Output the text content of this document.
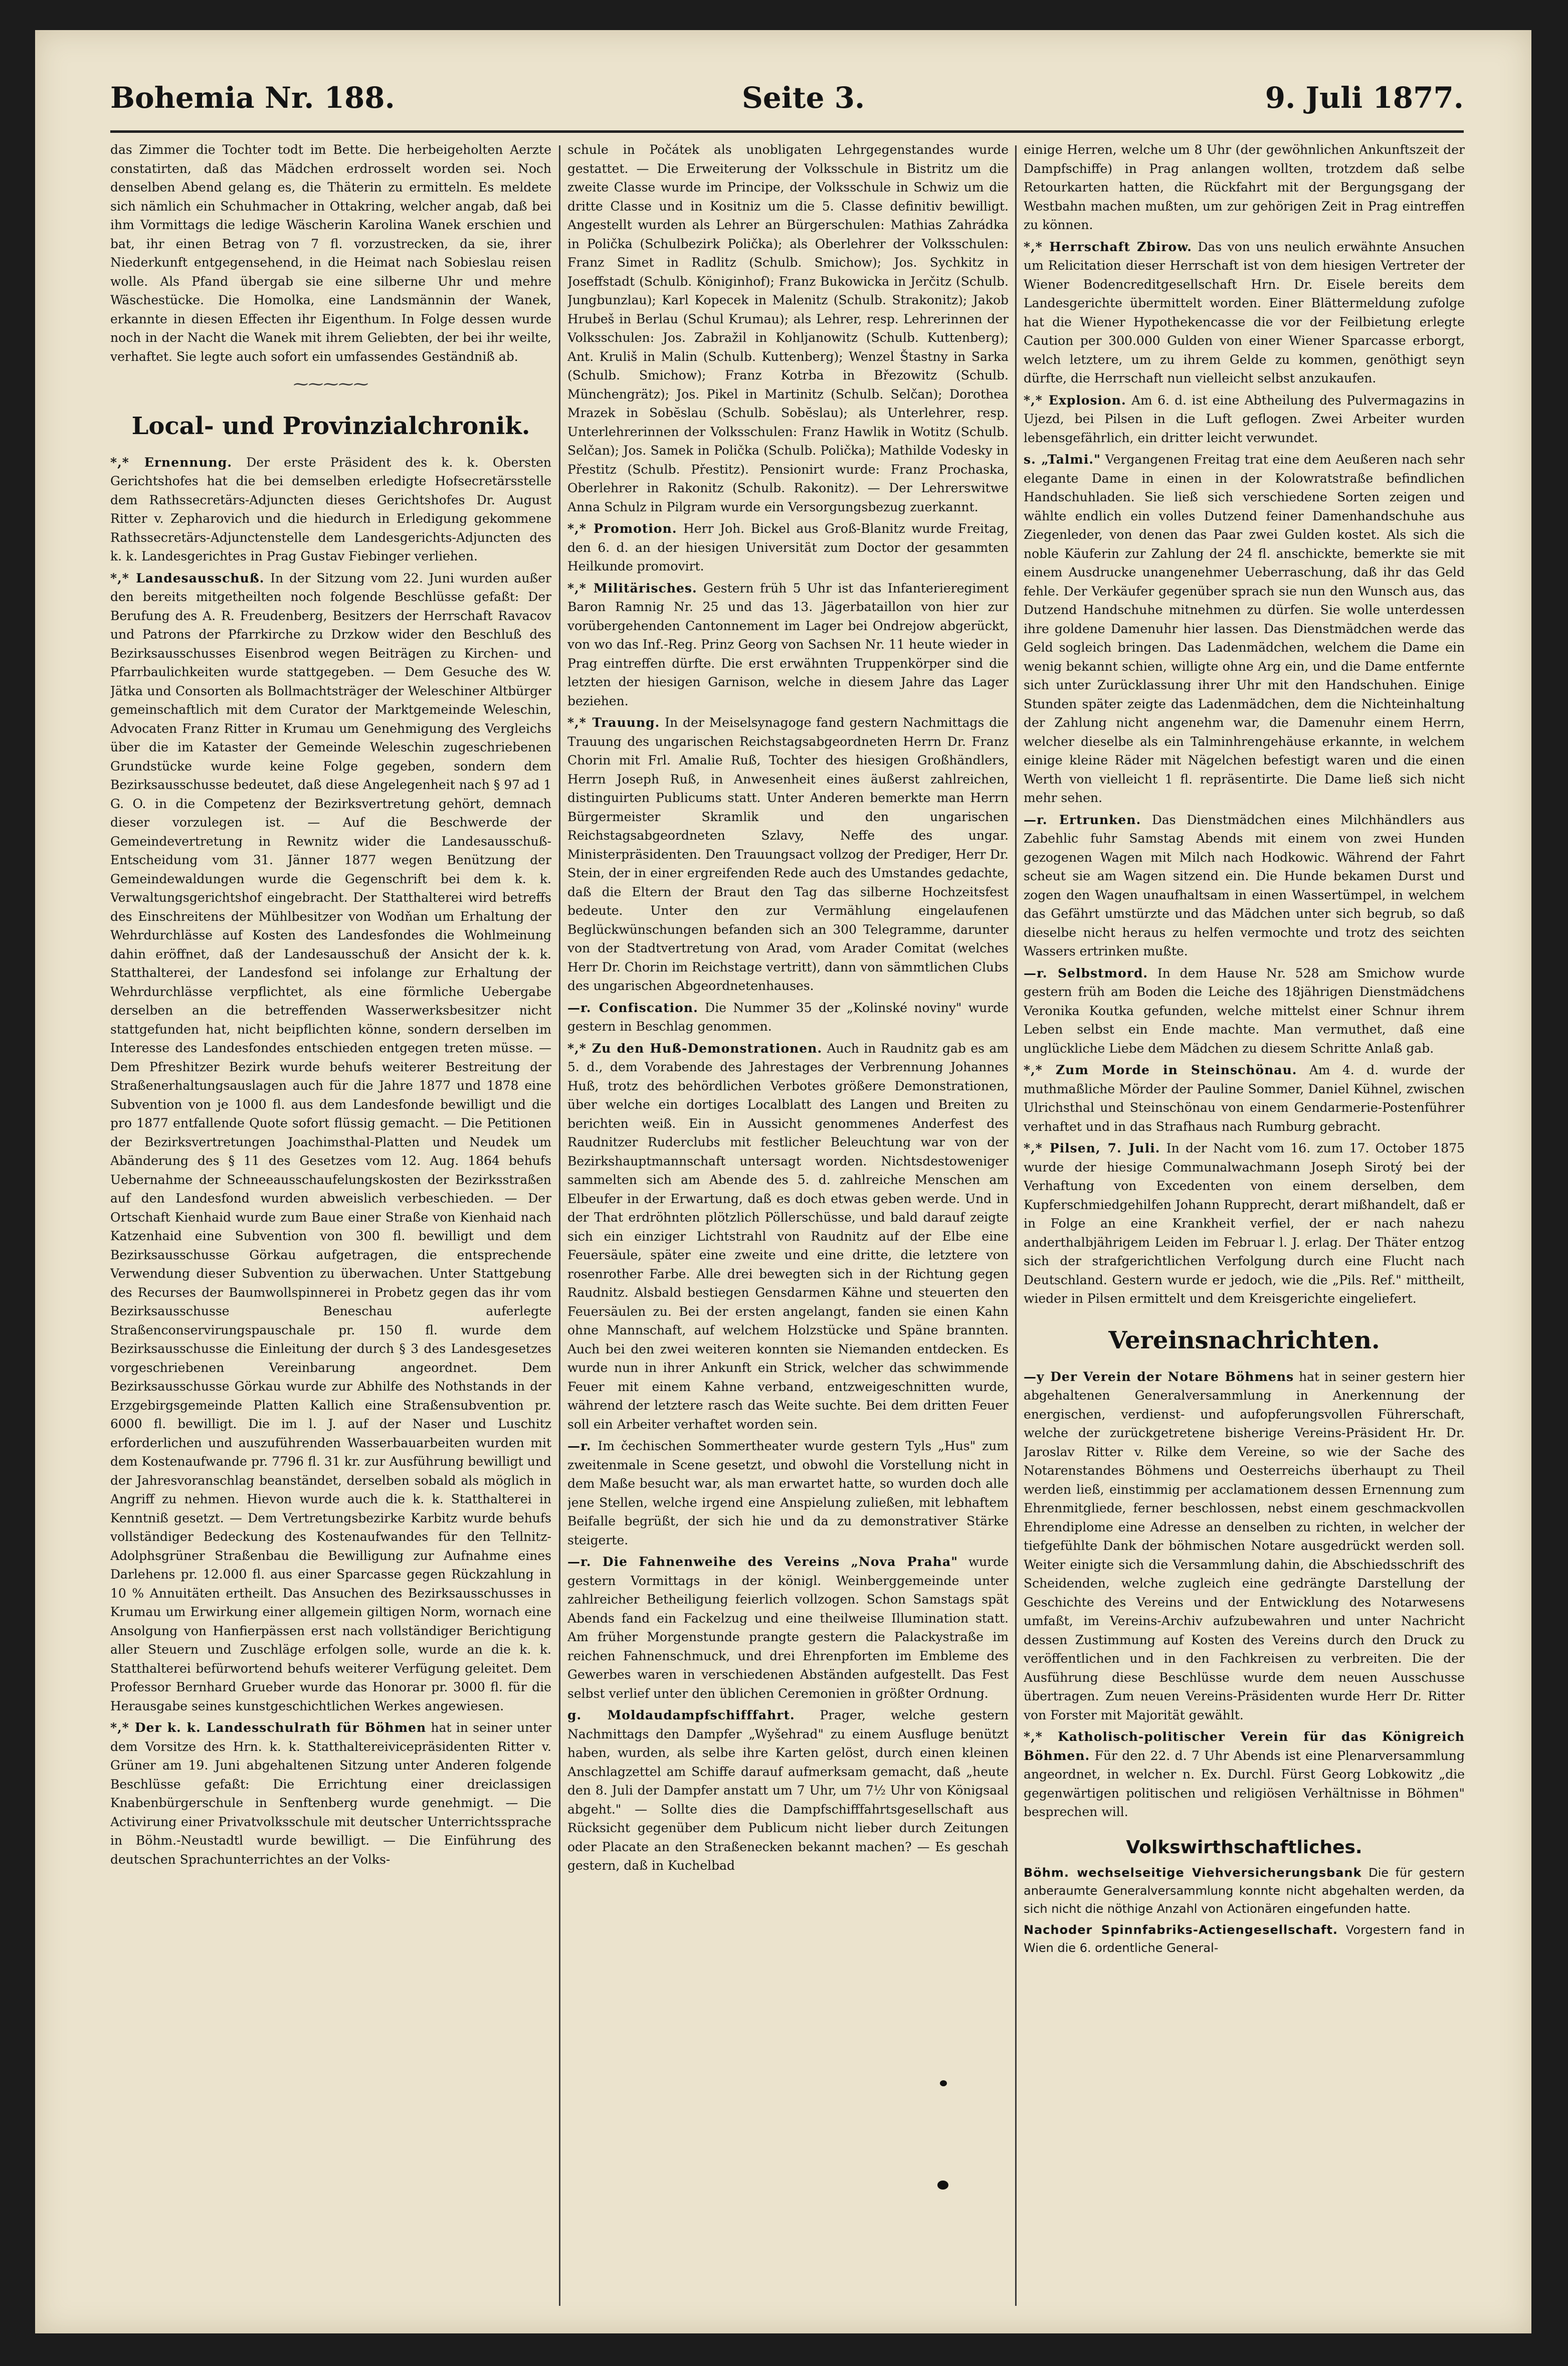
Bohemia Nr. 188.	Seite 3.	9. Juli 1877.

das Zimmer die Tochter todt im Bette. Die herbeigeholten Aerzte constatirten, daß das Mädchen erdrosselt worden sei. Noch denselben Abend gelang es, die Thäterin zu ermitteln. Es meldete sich nämlich ein Schuhmacher in Ottakring, welcher angab, daß bei ihm Vormittags die ledige Wäscherin Karolina Wanek erschien und bat, ihr einen Betrag von 7 fl. vorzustrecken, da sie, ihrer Niederkunft entgegensehend, in die Heimat nach Sobieslau reisen wolle. Als Pfand übergab sie eine silberne Uhr und mehre Wäschestücke. Die Homolka, eine Landsmännin der Wanek, erkannte in diesen Effecten ihr Eigenthum. In Folge dessen wurde noch in der Nacht die Wanek mit ihrem Geliebten, der bei ihr weilte, verhaftet. Sie legte auch sofort ein umfassendes Geständniß ab.

⁓⁓⁓⁓⁓
Local- und Provinzialchronik.

*,* Ernennung. Der erste Präsident des k. k. Obersten Gerichtshofes hat die bei demselben erledigte Hofsecretärsstelle dem Rathssecretärs-Adjuncten dieses Gerichtshofes Dr. August Ritter v. Zepharovich und die hiedurch in Erledigung gekommene Rathssecretärs-Adjunctenstelle dem Landesgerichts-Adjuncten des k. k. Landesgerichtes in Prag Gustav Fiebinger verliehen.

*,* Landesausschuß. In der Sitzung vom 22. Juni wurden außer den bereits mitgetheilten noch folgende Beschlüsse gefaßt: Der Berufung des A. R. Freudenberg, Besitzers der Herrschaft Ravacov und Patrons der Pfarrkirche zu Drzkow wider den Beschluß des Bezirksausschusses Eisenbrod wegen Beiträgen zu Kirchen- und Pfarrbaulichkeiten wurde stattgegeben. — Dem Gesuche des W. Jätka und Consorten als Bollmachtsträger der Weleschiner Altbürger gemeinschaftlich mit dem Curator der Marktgemeinde Weleschin, Advocaten Franz Ritter in Krumau um Genehmigung des Vergleichs über die im Kataster der Gemeinde Weleschin zugeschriebenen Grundstücke wurde keine Folge gegeben, sondern dem Bezirksausschusse bedeutet, daß diese Angelegenheit nach § 97 ad 1 G. O. in die Competenz der Bezirksvertretung gehört, demnach dieser vorzulegen ist. — Auf die Beschwerde der Gemeindevertretung in Rewnitz wider die Landesausschuß-Entscheidung vom 31. Jänner 1877 wegen Benützung der Gemeindewaldungen wurde die Gegenschrift bei dem k. k. Verwaltungsgerichtshof eingebracht. Der Statthalterei wird betreffs des Einschreitens der Mühlbesitzer von Wodňan um Erhaltung der Wehrdurchlässe auf Kosten des Landesfondes die Wohlmeinung dahin eröffnet, daß der Landesausschuß der Ansicht der k. k. Statthalterei, der Landesfond sei infolange zur Erhaltung der Wehrdurchlässe verpflichtet, als eine förmliche Uebergabe derselben an die betreffenden Wasserwerksbesitzer nicht stattgefunden hat, nicht beipflichten könne, sondern derselben im Interesse des Landesfondes entschieden entgegen treten müsse. — Dem Pfreshitzer Bezirk wurde behufs weiterer Bestreitung der Straßenerhaltungsauslagen auch für die Jahre 1877 und 1878 eine Subvention von je 1000 fl. aus dem Landesfonde bewilligt und die pro 1877 entfallende Quote sofort flüssig gemacht. — Die Petitionen der Bezirksvertretungen Joachimsthal-Platten und Neudek um Abänderung des § 11 des Gesetzes vom 12. Aug. 1864 behufs Uebernahme der Schneeausschaufelungskosten der Bezirksstraßen auf den Landesfond wurden abweislich verbeschieden. — Der Ortschaft Kienhaid wurde zum Baue einer Straße von Kienhaid nach Katzenhaid eine Subvention von 300 fl. bewilligt und dem Bezirksausschusse Görkau aufgetragen, die entsprechende Verwendung dieser Subvention zu überwachen. Unter Stattgebung des Recurses der Baumwollspinnerei in Probetz gegen das ihr vom Bezirksausschusse Beneschau auferlegte Straßenconservirungspauschale pr. 150 fl. wurde dem Bezirksausschusse die Einleitung der durch § 3 des Landesgesetzes vorgeschriebenen Vereinbarung angeordnet. Dem Bezirksausschusse Görkau wurde zur Abhilfe des Nothstands in der Erzgebirgsgemeinde Platten Kallich eine Straßensubvention pr. 6000 fl. bewilligt. Die im l. J. auf der Naser und Luschitz erforderlichen und auszuführenden Wasserbauarbeiten wurden mit dem Kostenaufwande pr. 7796 fl. 31 kr. zur Ausführung bewilligt und der Jahresvoranschlag beanständet, derselben sobald als möglich in Angriff zu nehmen. Hievon wurde auch die k. k. Statthalterei in Kenntniß gesetzt. — Dem Vertretungsbezirke Karbitz wurde behufs vollständiger Bedeckung des Kostenaufwandes für den Tellnitz-Adolphsgrüner Straßenbau die Bewilligung zur Aufnahme eines Darlehens pr. 12.000 fl. aus einer Sparcasse gegen Rückzahlung in 10 % Annuitäten ertheilt. Das Ansuchen des Bezirksausschusses in Krumau um Erwirkung einer allgemein giltigen Norm, wornach eine Ansolgung von Hanfierpässen erst nach vollständiger Berichtigung aller Steuern und Zuschläge erfolgen solle, wurde an die k. k. Statthalterei befürwortend behufs weiterer Verfügung geleitet. Dem Professor Bernhard Grueber wurde das Honorar pr. 3000 fl. für die Herausgabe seines kunstgeschichtlichen Werkes angewiesen.

*,* Der k. k. Landesschulrath für Böhmen hat in seiner unter dem Vorsitze des Hrn. k. k. Statthaltereivicepräsidenten Ritter v. Grüner am 19. Juni abgehaltenen Sitzung unter Anderen folgende Beschlüsse gefaßt: Die Errichtung einer dreiclassigen Knabenbürgerschule in Senftenberg wurde genehmigt. — Die Activirung einer Privatvolksschule mit deutscher Unterrichtssprache in Böhm.-Neustadtl wurde bewilligt. — Die Einführung des deutschen Sprachunterrichtes an der Volks-

schule in Počátek als unobligaten Lehrgegenstandes wurde gestattet. — Die Erweiterung der Volksschule in Bistritz um die zweite Classe wurde im Principe, der Volksschule in Schwiz um die dritte Classe und in Kositniz um die 5. Classe definitiv bewilligt. Angestellt wurden als Lehrer an Bürgerschulen: Mathias Zahrádka in Polička (Schulbezirk Polička); als Oberlehrer der Volksschulen: Franz Simet in Radlitz (Schulb. Smichow); Jos. Sychkitz in Joseffstadt (Schulb. Königinhof); Franz Bukowicka in Jerčitz (Schulb. Jungbunzlau); Karl Kopecek in Malenitz (Schulb. Strakonitz); Jakob Hrubeš in Berlau (Schul Krumau); als Lehrer, resp. Lehrerinnen der Volksschulen: Jos. Zabražil in Kohljanowitz (Schulb. Kuttenberg); Ant. Kruliš in Malin (Schulb. Kuttenberg); Wenzel Štastny in Sarka (Schulb. Smichow); Franz Kotrba in Březowitz (Schulb. Münchengrätz); Jos. Pikel in Martinitz (Schulb. Selčan); Dorothea Mrazek in Sobĕslau (Schulb. Sobĕslau); als Unterlehrer, resp. Unterlehrerinnen der Volksschulen: Franz Hawlik in Wotitz (Schulb. Selčan); Jos. Samek in Polička (Schulb. Polička); Mathilde Vodesky in Přestitz (Schulb. Přestitz). Pensionirt wurde: Franz Prochaska, Oberlehrer in Rakonitz (Schulb. Rakonitz). — Der Lehrerswitwe Anna Schulz in Pilgram wurde ein Versorgungsbezug zuerkannt.

*,* Promotion. Herr Joh. Bickel aus Groß-Blanitz wurde Freitag, den 6. d. an der hiesigen Universität zum Doctor der gesammten Heilkunde promovirt.

*,* Militärisches. Gestern früh 5 Uhr ist das Infanterieregiment Baron Ramnig Nr. 25 und das 13. Jägerbataillon von hier zur vorübergehenden Cantonnement im Lager bei Ondrejow abgerückt, von wo das Inf.-Reg. Prinz Georg von Sachsen Nr. 11 heute wieder in Prag eintreffen dürfte. Die erst erwähnten Truppenkörper sind die letzten der hiesigen Garnison, welche in diesem Jahre das Lager beziehen.

*,* Trauung. In der Meiselsynagoge fand gestern Nachmittags die Trauung des ungarischen Reichstagsabgeordneten Herrn Dr. Franz Chorin mit Frl. Amalie Ruß, Tochter des hiesigen Großhändlers, Herrn Joseph Ruß, in Anwesenheit eines äußerst zahlreichen, distinguirten Publicums statt. Unter Anderen bemerkte man Herrn Bürgermeister Skramlik und den ungarischen Reichstagsabgeordneten Szlavy, Neffe des ungar. Ministerpräsidenten. Den Trauungsact vollzog der Prediger, Herr Dr. Stein, der in einer ergreifenden Rede auch des Umstandes gedachte, daß die Eltern der Braut den Tag das silberne Hochzeitsfest bedeute. Unter den zur Vermählung eingelaufenen Beglückwünschungen befanden sich an 300 Telegramme, darunter von der Stadtvertretung von Arad, vom Arader Comitat (welches Herr Dr. Chorin im Reichstage vertritt), dann von sämmtlichen Clubs des ungarischen Abgeordnetenhauses.

—r. Confiscation. Die Nummer 35 der „Kolinské noviny" wurde gestern in Beschlag genommen.

*,* Zu den Huß-Demonstrationen. Auch in Raudnitz gab es am 5. d., dem Vorabende des Jahrestages der Verbrennung Johannes Huß, trotz des behördlichen Verbotes größere Demonstrationen, über welche ein dortiges Localblatt des Langen und Breiten zu berichten weiß. Ein in Aussicht genommenes Anderfest des Raudnitzer Ruderclubs mit festlicher Beleuchtung war von der Bezirkshauptmannschaft untersagt worden. Nichtsdestoweniger sammelten sich am Abende des 5. d. zahlreiche Menschen am Elbeufer in der Erwartung, daß es doch etwas geben werde. Und in der That erdröhnten plötzlich Pöllerschüsse, und bald darauf zeigte sich ein einziger Lichtstrahl von Raudnitz auf der Elbe eine Feuersäule, später eine zweite und eine dritte, die letztere von rosenrother Farbe. Alle drei bewegten sich in der Richtung gegen Raudnitz. Alsbald bestiegen Gensdarmen Kähne und steuerten den Feuersäulen zu. Bei der ersten angelangt, fanden sie einen Kahn ohne Mannschaft, auf welchem Holzstücke und Späne brannten. Auch bei den zwei weiteren konnten sie Niemanden entdecken. Es wurde nun in ihrer Ankunft ein Strick, welcher das schwimmende Feuer mit einem Kahne verband, entzweigeschnitten wurde, während der letztere rasch das Weite suchte. Bei dem dritten Feuer soll ein Arbeiter verhaftet worden sein.

—r. Im čechischen Sommertheater wurde gestern Tyls „Hus" zum zweitenmale in Scene gesetzt, und obwohl die Vorstellung nicht in dem Maße besucht war, als man erwartet hatte, so wurden doch alle jene Stellen, welche irgend eine Anspielung zuließen, mit lebhaftem Beifalle begrüßt, der sich hie und da zu demonstrativer Stärke steigerte.

—r. Die Fahnenweihe des Vereins „Nova Praha" wurde gestern Vormittags in der königl. Weinberggemeinde unter zahlreicher Betheiligung feierlich vollzogen. Schon Samstags spät Abends fand ein Fackelzug und eine theilweise Illumination statt. Am früher Morgenstunde prangte gestern die Palackystraße im reichen Fahnenschmuck, und drei Ehrenpforten im Embleme des Gewerbes waren in verschiedenen Abständen aufgestellt. Das Fest selbst verlief unter den üblichen Ceremonien in größter Ordnung.

g. Moldaudampfschifffahrt. Prager, welche gestern Nachmittags den Dampfer „Wyšehrad" zu einem Ausfluge benützt haben, wurden, als selbe ihre Karten gelöst, durch einen kleinen Anschlagzettel am Schiffe darauf aufmerksam gemacht, daß „heute den 8. Juli der Dampfer anstatt um 7 Uhr, um 7½ Uhr von Königsaal abgeht." — Sollte dies die Dampfschifffahrtsgesellschaft aus Rücksicht gegenüber dem Publicum nicht lieber durch Zeitungen oder Placate an den Straßenecken bekannt machen? — Es geschah gestern, daß in Kuchelbad

einige Herren, welche um 8 Uhr (der gewöhnlichen Ankunftszeit der Dampfschiffe) in Prag anlangen wollten, trotzdem daß selbe Retourkarten hatten, die Rückfahrt mit der Bergungsgang der Westbahn machen mußten, um zur gehörigen Zeit in Prag eintreffen zu können.

*,* Herrschaft Zbirow. Das von uns neulich erwähnte Ansuchen um Relicitation dieser Herrschaft ist von dem hiesigen Vertreter der Wiener Bodencreditgesellschaft Hrn. Dr. Eisele bereits dem Landesgerichte übermittelt worden. Einer Blättermeldung zufolge hat die Wiener Hypothekencasse die vor der Feilbietung erlegte Caution per 300.000 Gulden von einer Wiener Sparcasse erborgt, welch letztere, um zu ihrem Gelde zu kommen, genöthigt seyn dürfte, die Herrschaft nun vielleicht selbst anzukaufen.

*,* Explosion. Am 6. d. ist eine Abtheilung des Pulvermagazins in Ujezd, bei Pilsen in die Luft geflogen. Zwei Arbeiter wurden lebensgefährlich, ein dritter leicht verwundet.

s. „Talmi." Vergangenen Freitag trat eine dem Aeußeren nach sehr elegante Dame in einen in der Kolowratstraße befindlichen Handschuhladen. Sie ließ sich verschiedene Sorten zeigen und wählte endlich ein volles Dutzend feiner Damenhandschuhe aus Ziegenleder, von denen das Paar zwei Gulden kostet. Als sich die noble Käuferin zur Zahlung der 24 fl. anschickte, bemerkte sie mit einem Ausdrucke unangenehmer Ueberraschung, daß ihr das Geld fehle. Der Verkäufer gegenüber sprach sie nun den Wunsch aus, das Dutzend Handschuhe mitnehmen zu dürfen. Sie wolle unterdessen ihre goldene Damenuhr hier lassen. Das Dienstmädchen werde das Geld sogleich bringen. Das Ladenmädchen, welchem die Dame ein wenig bekannt schien, willigte ohne Arg ein, und die Dame entfernte sich unter Zurücklassung ihrer Uhr mit den Handschuhen. Einige Stunden später zeigte das Ladenmädchen, dem die Nichteinhaltung der Zahlung nicht angenehm war, die Damenuhr einem Herrn, welcher dieselbe als ein Talminhrengehäuse erkannte, in welchem einige kleine Räder mit Nägelchen befestigt waren und die einen Werth von vielleicht 1 fl. repräsentirte. Die Dame ließ sich nicht mehr sehen.

—r. Ertrunken. Das Dienstmädchen eines Milchhändlers aus Zabehlic fuhr Samstag Abends mit einem von zwei Hunden gezogenen Wagen mit Milch nach Hodkowic. Während der Fahrt scheut sie am Wagen sitzend ein. Die Hunde bekamen Durst und zogen den Wagen unaufhaltsam in einen Wassertümpel, in welchem das Gefährt umstürzte und das Mädchen unter sich begrub, so daß dieselbe nicht heraus zu helfen vermochte und trotz des seichten Wassers ertrinken mußte.

—r. Selbstmord. In dem Hause Nr. 528 am Smichow wurde gestern früh am Boden die Leiche des 18jährigen Dienstmädchens Veronika Koutka gefunden, welche mittelst einer Schnur ihrem Leben selbst ein Ende machte. Man vermuthet, daß eine unglückliche Liebe dem Mädchen zu diesem Schritte Anlaß gab.

*,* Zum Morde in Steinschönau. Am 4. d. wurde der muthmaßliche Mörder der Pauline Sommer, Daniel Kühnel, zwischen Ulrichsthal und Steinschönau von einem Gendarmerie-Postenführer verhaftet und in das Strafhaus nach Rumburg gebracht.

*,* Pilsen, 7. Juli. In der Nacht vom 16. zum 17. October 1875 wurde der hiesige Communalwachmann Joseph Sirotý bei der Verhaftung von Excedenten von einem derselben, dem Kupferschmiedgehilfen Johann Rupprecht, derart mißhandelt, daß er in Folge an eine Krankheit verfiel, der er nach nahezu anderthalbjährigem Leiden im Februar l. J. erlag. Der Thäter entzog sich der strafgerichtlichen Verfolgung durch eine Flucht nach Deutschland. Gestern wurde er jedoch, wie die „Pils. Ref." mittheilt, wieder in Pilsen ermittelt und dem Kreisgerichte eingeliefert.

Vereinsnachrichten.

—y Der Verein der Notare Böhmens hat in seiner gestern hier abgehaltenen Generalversammlung in Anerkennung der energischen, verdienst- und aufopferungsvollen Führerschaft, welche der zurückgetretene bisherige Vereins-Präsident Hr. Dr. Jaroslav Ritter v. Rilke dem Vereine, so wie der Sache des Notarenstandes Böhmens und Oesterreichs überhaupt zu Theil werden ließ, einstimmig per acclamationem dessen Ernennung zum Ehrenmitgliede, ferner beschlossen, nebst einem geschmackvollen Ehrendiplome eine Adresse an denselben zu richten, in welcher der tiefgefühlte Dank der böhmischen Notare ausgedrückt werden soll. Weiter einigte sich die Versammlung dahin, die Abschiedsschrift des Scheidenden, welche zugleich eine gedrängte Darstellung der Geschichte des Vereins und der Entwicklung des Notarwesens umfaßt, im Vereins-Archiv aufzubewahren und unter Nachricht dessen Zustimmung auf Kosten des Vereins durch den Druck zu veröffentlichen und in den Fachkreisen zu verbreiten. Die der Ausführung diese Beschlüsse wurde dem neuen Ausschusse übertragen. Zum neuen Vereins-Präsidenten wurde Herr Dr. Ritter von Forster mit Majorität gewählt.

*,* Katholisch-politischer Verein für das Königreich Böhmen. Für den 22. d. 7 Uhr Abends ist eine Plenarversammlung angeordnet, in welcher n. Ex. Durchl. Fürst Georg Lobkowitz „die gegenwärtigen politischen und religiösen Verhältnisse in Böhmen" besprechen will.

Volkswirthschaftliches.

Böhm. wechselseitige Viehversicherungsbank Die für gestern anberaumte Generalversammlung konnte nicht abgehalten werden, da sich nicht die nöthige Anzahl von Actionären eingefunden hatte.

Nachoder Spinnfabriks-Actiengesellschaft. Vorgestern fand in Wien die 6. ordentliche General-
